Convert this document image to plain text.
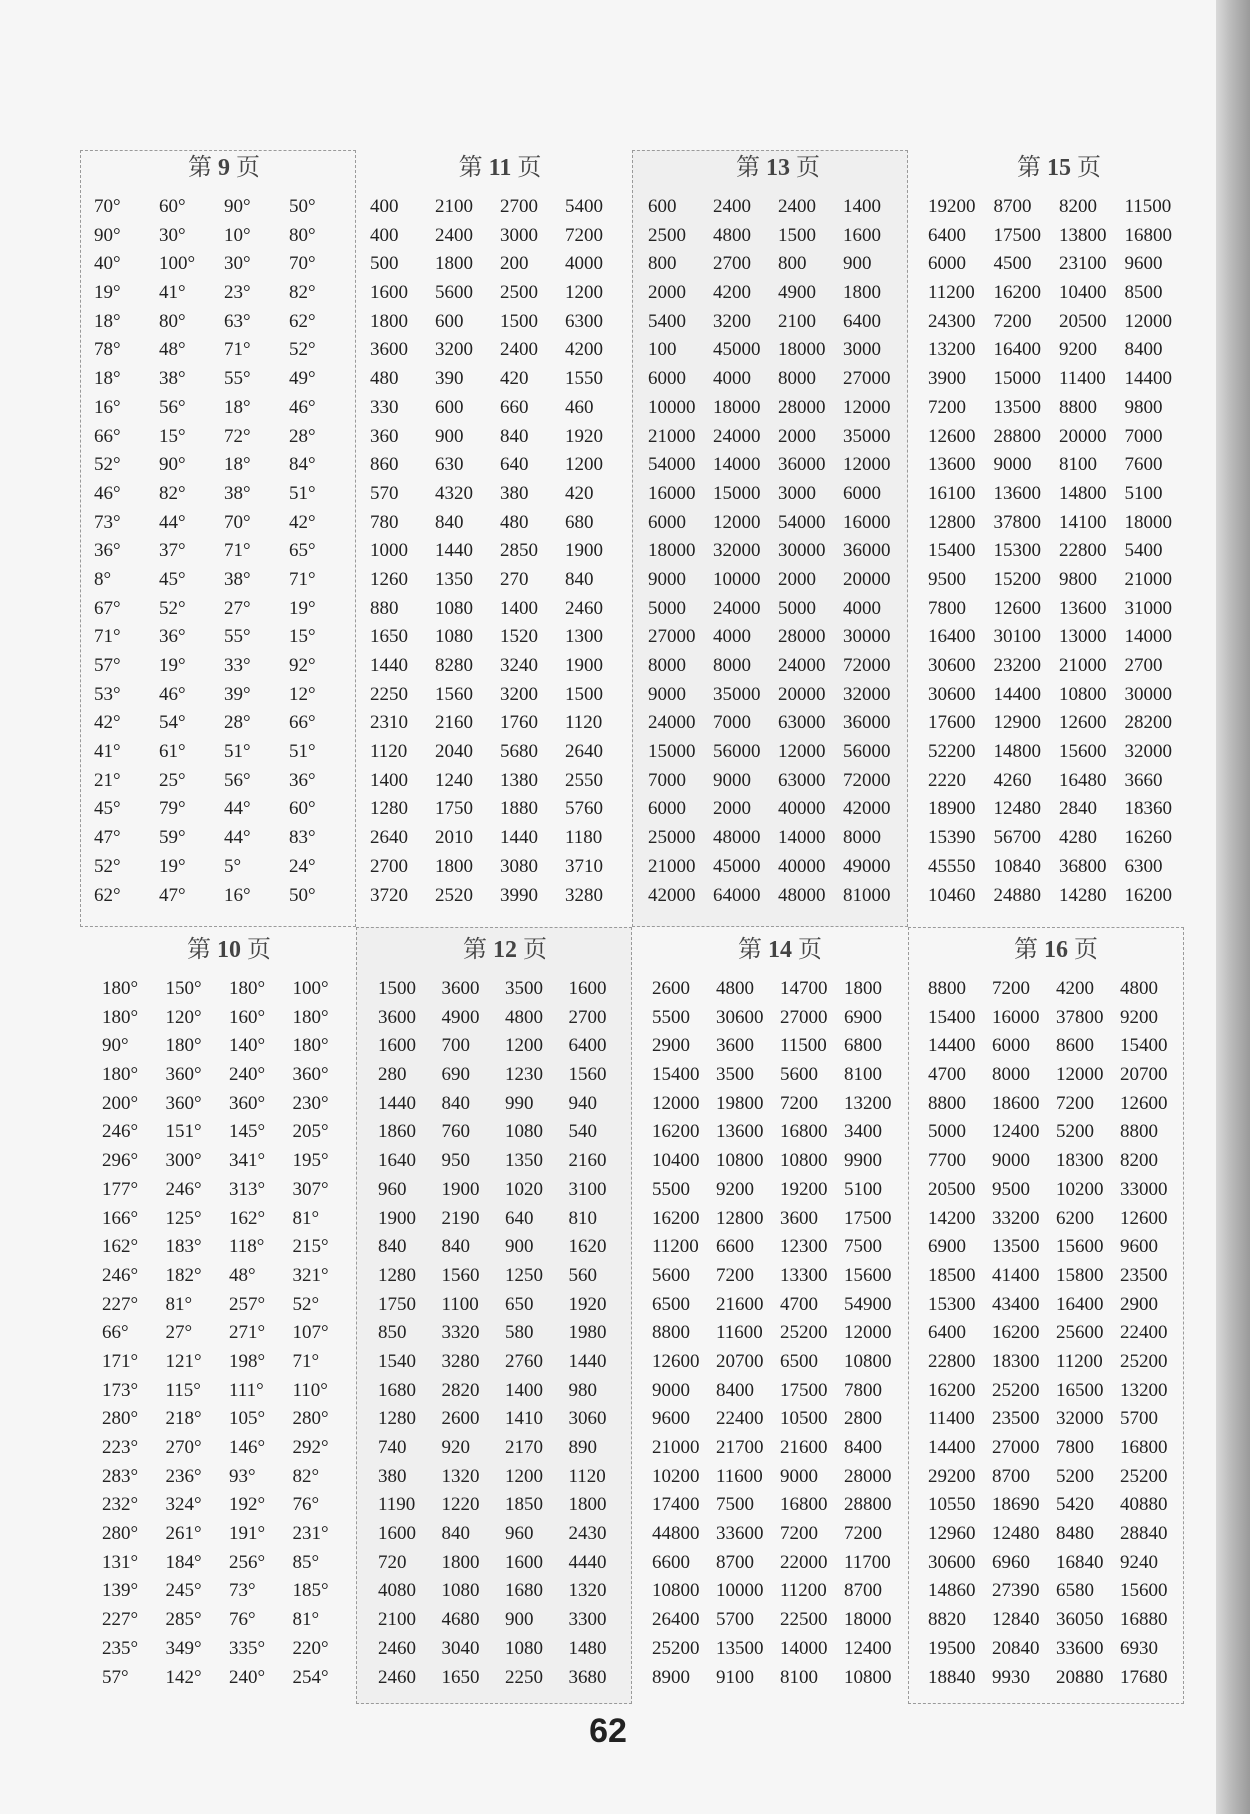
第 9 页
70°
90°
40°
19°
18°
78°
18°
16°
66°
52°
46°
73°
36°
8°
67°
71°
57°
53°
42°
41°
21°
45°
47°
52°
62°
60°
30°
100°
41°
80°
48°
38°
56°
15°
90°
82°
44°
37°
45°
52°
36°
19°
46°
54°
61°
25°
79°
59°
19°
47°
90°
10°
30°
23°
63°
71°
55°
18°
72°
18°
38°
70°
71°
38°
27°
55°
33°
39°
28°
51°
56°
44°
44°
5°
16°
50°
80°
70°
82°
62°
52°
49°
46°
28°
84°
51°
42°
65°
71°
19°
15°
92°
12°
66°
51°
36°
60°
83°
24°
50°
第 11 页
400
400
500
1600
1800
3600
480
330
360
860
570
780
1000
1260
880
1650
1440
2250
2310
1120
1400
1280
2640
2700
3720
2100
2400
1800
5600
600
3200
390
600
900
630
4320
840
1440
1350
1080
1080
8280
1560
2160
2040
1240
1750
2010
1800
2520
2700
3000
200
2500
1500
2400
420
660
840
640
380
480
2850
270
1400
1520
3240
3200
1760
5680
1380
1880
1440
3080
3990
5400
7200
4000
1200
6300
4200
1550
460
1920
1200
420
680
1900
840
2460
1300
1900
1500
1120
2640
2550
5760
1180
3710
3280
第 13 页
600
2500
800
2000
5400
100
6000
10000
21000
54000
16000
6000
18000
9000
5000
27000
8000
9000
24000
15000
7000
6000
25000
21000
42000
2400
4800
2700
4200
3200
45000
4000
18000
24000
14000
15000
12000
32000
10000
24000
4000
8000
35000
7000
56000
9000
2000
48000
45000
64000
2400
1500
800
4900
2100
18000
8000
28000
2000
36000
3000
54000
30000
2000
5000
28000
24000
20000
63000
12000
63000
40000
14000
40000
48000
1400
1600
900
1800
6400
3000
27000
12000
35000
12000
6000
16000
36000
20000
4000
30000
72000
32000
36000
56000
72000
42000
8000
49000
81000
第 15 页
19200
6400
6000
11200
24300
13200
3900
7200
12600
13600
16100
12800
15400
9500
7800
16400
30600
30600
17600
52200
2220
18900
15390
45550
10460
8700
17500
4500
16200
7200
16400
15000
13500
28800
9000
13600
37800
15300
15200
12600
30100
23200
14400
12900
14800
4260
12480
56700
10840
24880
8200
13800
23100
10400
20500
9200
11400
8800
20000
8100
14800
14100
22800
9800
13600
13000
21000
10800
12600
15600
16480
2840
4280
36800
14280
11500
16800
9600
8500
12000
8400
14400
9800
7000
7600
5100
18000
5400
21000
31000
14000
2700
30000
28200
32000
3660
18360
16260
6300
16200
第 10 页
180°
180°
90°
180°
200°
246°
296°
177°
166°
162°
246°
227°
66°
171°
173°
280°
223°
283°
232°
280°
131°
139°
227°
235°
57°
150°
120°
180°
360°
360°
151°
300°
246°
125°
183°
182°
81°
27°
121°
115°
218°
270°
236°
324°
261°
184°
245°
285°
349°
142°
180°
160°
140°
240°
360°
145°
341°
313°
162°
118°
48°
257°
271°
198°
111°
105°
146°
93°
192°
191°
256°
73°
76°
335°
240°
100°
180°
180°
360°
230°
205°
195°
307°
81°
215°
321°
52°
107°
71°
110°
280°
292°
82°
76°
231°
85°
185°
81°
220°
254°
第 12 页
1500
3600
1600
280
1440
1860
1640
960
1900
840
1280
1750
850
1540
1680
1280
740
380
1190
1600
720
4080
2100
2460
2460
3600
4900
700
690
840
760
950
1900
2190
840
1560
1100
3320
3280
2820
2600
920
1320
1220
840
1800
1080
4680
3040
1650
3500
4800
1200
1230
990
1080
1350
1020
640
900
1250
650
580
2760
1400
1410
2170
1200
1850
960
1600
1680
900
1080
2250
1600
2700
6400
1560
940
540
2160
3100
810
1620
560
1920
1980
1440
980
3060
890
1120
1800
2430
4440
1320
3300
1480
3680
第 14 页
2600
5500
2900
15400
12000
16200
10400
5500
16200
11200
5600
6500
8800
12600
9000
9600
21000
10200
17400
44800
6600
10800
26400
25200
8900
4800
30600
3600
3500
19800
13600
10800
9200
12800
6600
7200
21600
11600
20700
8400
22400
21700
11600
7500
33600
8700
10000
5700
13500
9100
14700
27000
11500
5600
7200
16800
10800
19200
3600
12300
13300
4700
25200
6500
17500
10500
21600
9000
16800
7200
22000
11200
22500
14000
8100
1800
6900
6800
8100
13200
3400
9900
5100
17500
7500
15600
54900
12000
10800
7800
2800
8400
28000
28800
7200
11700
8700
18000
12400
10800
第 16 页
8800
15400
14400
4700
8800
5000
7700
20500
14200
6900
18500
15300
6400
22800
16200
11400
14400
29200
10550
12960
30600
14860
8820
19500
18840
7200
16000
6000
8000
18600
12400
9000
9500
33200
13500
41400
43400
16200
18300
25200
23500
27000
8700
18690
12480
6960
27390
12840
20840
9930
4200
37800
8600
12000
7200
5200
18300
10200
6200
15600
15800
16400
25600
11200
16500
32000
7800
5200
5420
8480
16840
6580
36050
33600
20880
4800
9200
15400
20700
12600
8800
8200
33000
12600
9600
23500
2900
22400
25200
13200
5700
16800
25200
40880
28840
9240
15600
16880
6930
17680
62
